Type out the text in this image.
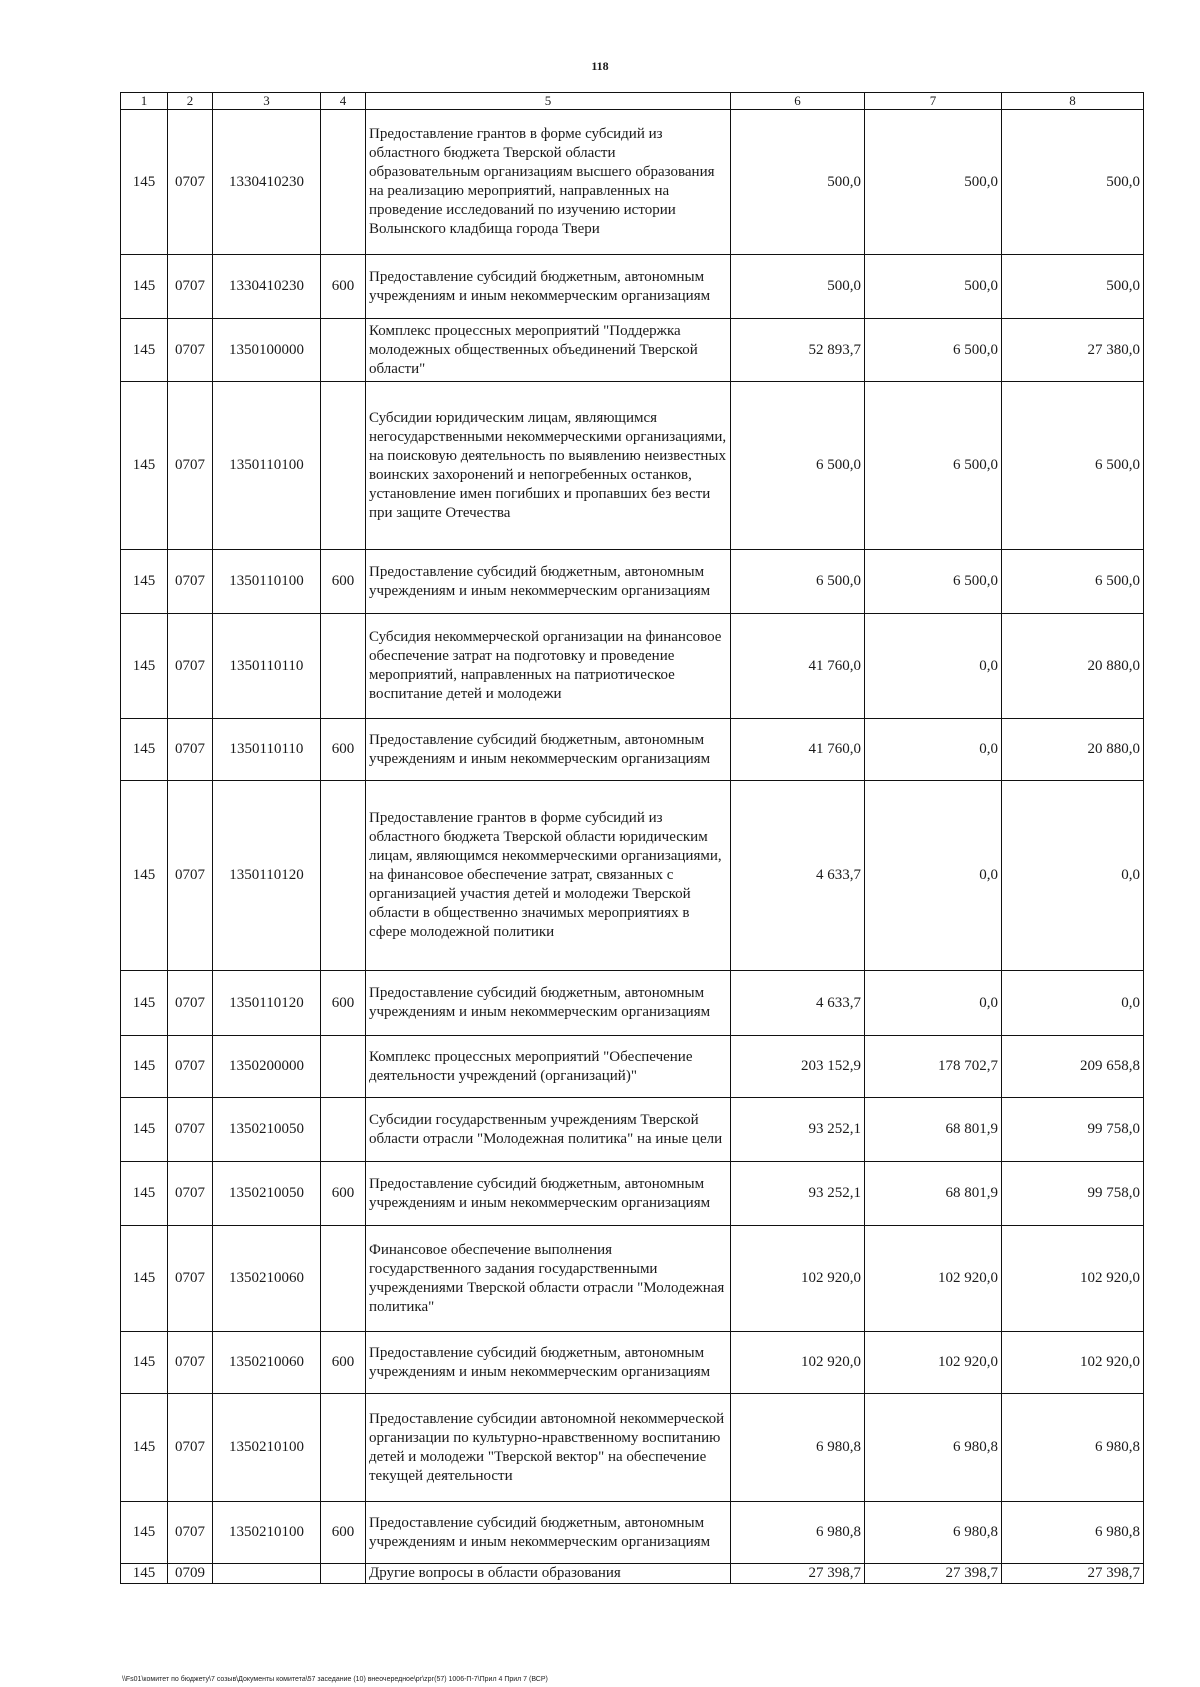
118
1	2	3	4	5	6	7	8
145	0707	1330410230		Предоставление грантов в форме субсидий из областного бюджета Тверской области образовательным организациям высшего образования на реализацию мероприятий, направленных на проведение исследований по изучению истории Волынского кладбища города Твери	500,0	500,0	500,0
145	0707	1330410230	600	Предоставление субсидий бюджетным, автономным учреждениям и иным некоммерческим организациям	500,0	500,0	500,0
145	0707	1350100000		Комплекс процессных мероприятий "Поддержка молодежных общественных объединений Тверской области"	52 893,7	6 500,0	27 380,0
145	0707	1350110100		Субсидии юридическим лицам, являющимся негосударственными некоммерческими организациями, на поисковую деятельность по выявлению неизвестных воинских захоронений и непогребенных останков, установление имен погибших и пропавших без вести при защите Отечества	6 500,0	6 500,0	6 500,0
145	0707	1350110100	600	Предоставление субсидий бюджетным, автономным учреждениям и иным некоммерческим организациям	6 500,0	6 500,0	6 500,0
145	0707	1350110110		Субсидия некоммерческой организации на финансовое обеспечение затрат на подготовку и проведение мероприятий, направленных на патриотическое воспитание детей и молодежи	41 760,0	0,0	20 880,0
145	0707	1350110110	600	Предоставление субсидий бюджетным, автономным учреждениям и иным некоммерческим организациям	41 760,0	0,0	20 880,0
145	0707	1350110120		Предоставление грантов в форме субсидий из областного бюджета Тверской области юридическим лицам, являющимся некоммерческими организациями, на финансовое обеспечение затрат, связанных с организацией участия детей и молодежи Тверской области в общественно значимых мероприятиях в сфере молодежной политики	4 633,7	0,0	0,0
145	0707	1350110120	600	Предоставление субсидий бюджетным, автономным учреждениям и иным некоммерческим организациям	4 633,7	0,0	0,0
145	0707	1350200000		Комплекс процессных мероприятий "Обеспечение деятельности учреждений (организаций)"	203 152,9	178 702,7	209 658,8
145	0707	1350210050		Субсидии государственным учреждениям Тверской области отрасли "Молодежная политика" на иные цели	93 252,1	68 801,9	99 758,0
145	0707	1350210050	600	Предоставление субсидий бюджетным, автономным учреждениям и иным некоммерческим организациям	93 252,1	68 801,9	99 758,0
145	0707	1350210060		Финансовое обеспечение выполнения государственного задания государственными учреждениями Тверской области отрасли "Молодежная политика"	102 920,0	102 920,0	102 920,0
145	0707	1350210060	600	Предоставление субсидий бюджетным, автономным учреждениям и иным некоммерческим организациям	102 920,0	102 920,0	102 920,0
145	0707	1350210100		Предоставление субсидии автономной некоммерческой организации по культурно-нравственному воспитанию детей и молодежи "Тверской вектор" на обеспечение текущей деятельности	6 980,8	6 980,8	6 980,8
145	0707	1350210100	600	Предоставление субсидий бюджетным, автономным учреждениям и иным некоммерческим организациям	6 980,8	6 980,8	6 980,8
145	0709			Другие вопросы в области образования	27 398,7	27 398,7	27 398,7
\\Fs01\комитет по бюджету\7 созыв\Документы комитета\57 заседание (10) внеочередное\рг\zрг(57) 1006-П-7\Прил 4 Прил 7 (ВСР)
